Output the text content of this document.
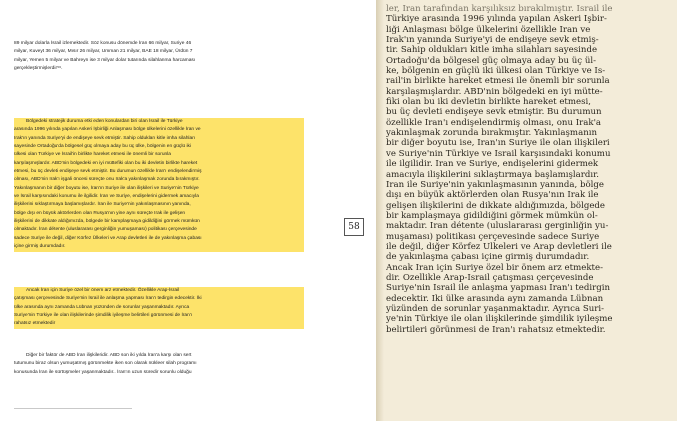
89 milyar dolarla İsrail izlemektedir. Söz konusu dönemde İran 66 milyar, Suriye 46
milyar, Kuveyt 36 milyar, Mısır 26 milyar, Umman 21 milyar, BAE 18 milyar, Ürdün 7
milyar, Yemen 5 milyar ve Bahreyn ise 3 milyar dolar tutarında silahlanma harcaması
gerçekleştirmişlerdir⁵⁶.
Bölgedeki stratejik duruma etki eden konulardan biri olan İsrail ile Türkiye
arasında 1996 yılında yapılan Askeri İşbirliği Anlaşması bölge ülkelerini özellikle İran ve
Irak'ın yanında Suriye'yi de endişeye sevk etmiştir. Sahip oldukları kitle imha silahları
sayesinde Ortadoğu'da bölgesel güç olmaya aday bu üç ülke, bölgenin en güçlü iki
ülkesi olan Türkiye ve İsrail'in birlikte hareket etmesi ile önemli bir sorunla
karşılaşmışlardır. ABD'nin bölgedeki en iyi müttefiki olan bu iki devletin birlikte hareket
etmesi, bu üç devleti endişeye sevk etmiştir. Bu durumun özellikle İran'ı endişelendirmiş
olması, ABD'nin Irak'ı işgali öncesi süreçte onu Irak'a yakınlaşmak zorunda bırakmıştır.
Yakınlaşmanın bir diğer boyutu ise, İran'ın Suriye ile olan ilişkileri ve Suriye'nin Türkiye
ve İsrail karşısındaki konumu ile ilgilidir. İran ve Suriye, endişelerini gidermek amacıyla
ilişkilerini sıklaştırmaya başlamışlardır. İran ile Suriye'nin yakınlaşmasının yanında,
bölge dışı en büyük aktörlerden olan Rusya'nın yine aynı süreçte Irak ile gelişen
ilişkilerini de dikkate aldığımızda, bölgede bir kamplaşmaya gidildiğini görmek mümkün
olmaktadır. İran détente (uluslararası gerginliğin yumuşaması) politikası çerçevesinde
sadece Suriye ile değil, diğer Körfez Ülkeleri ve Arap devletleri ile de yakınlaşma çabası
içine girmiş durumdadır.
Ancak İran için Suriye özel bir önem arz etmektedir. Özellikle Arap-İsrail
çatışması çerçevesinde Suriye'nin İsrail ile anlaşma yapması İran'ı tedirgin edecektir. İki
ülke arasında aynı zamanda Lübnan yüzünden de sorunlar yaşanmaktadır. Ayrıca
Suriye'nin Türkiye ile olan ilişkilerinde şimdilik iyileşme belirtileri görünmesi de İran'ı
rahatsız etmektedir
Diğer bir faktör de ABD İran ilişkileridir. ABD son iki yılda İran'a karşı olan sert
tutumunu biraz olsun yumuşatmış görünmekte iken son olarak nükleer silah programı
konusunda İran ile sürtüşmeler yaşanmaktadır.. İran'ın uzun süredir sorunlu olduğu
58
ler, İran tarafından karşılıksız bırakılmıştır. İsrail ile
Türkiye arasında 1996 yılında yapılan Askeri İşbir-
liği Anlaşması bölge ülkelerini özellikle İran ve
Irak'ın yanında Suriye'yi de endişeye sevk etmiş-
tir. Sahip oldukları kitle imha silahları sayesinde
Ortadoğu'da bölgesel güç olmaya aday bu üç ül-
ke, bölgenin en güçlü iki ülkesi olan Türkiye ve İs-
rail'in birlikte hareket etmesi ile önemli bir sorunla
karşılaşmışlardır. ABD'nin bölgedeki en iyi mütte-
fiki olan bu iki devletin birlikte hareket etmesi,
bu üç devleti endişeye sevk etmiştir. Bu durumun
özellikle İran'ı endişelendirmiş olması, onu Irak'a
yakınlaşmak zorunda bırakmıştır. Yakınlaşmanın
bir diğer boyutu ise, İran'ın Suriye ile olan ilişkileri
ve Suriye'nin Türkiye ve İsrail karşısındaki konumu
ile ilgilidir. İran ve Suriye, endişelerini gidermek
amacıyla ilişkilerini sıklaştırmaya başlamışlardır.
İran ile Suriye'nin yakınlaşmasının yanında, bölge
dışı en büyük aktörlerden olan Rusya'nın Irak ile
gelişen ilişkilerini de dikkate aldığımızda, bölgede
bir kamplaşmaya gidildiğini görmek mümkün ol-
maktadır. İran détente (uluslararası gerginliğin yu-
muşaması) politikası çerçevesinde sadece Suriye
ile değil, diğer Körfez Ülkeleri ve Arap devletleri ile
de yakınlaşma çabası içine girmiş durumdadır.
Ancak İran için Suriye özel bir önem arz etmekte-
dir. Özellikle Arap-İsrail çatışması çerçevesinde
Suriye'nin İsrail ile anlaşma yapması İran'ı tedirgin
edecektir. İki ülke arasında aynı zamanda Lübnan
yüzünden de sorunlar yaşanmaktadır. Ayrıca Suri-
ye'nin Türkiye ile olan ilişkilerinde şimdilik iyileşme
belirtileri görünmesi de İran'ı rahatsız etmektedir.
